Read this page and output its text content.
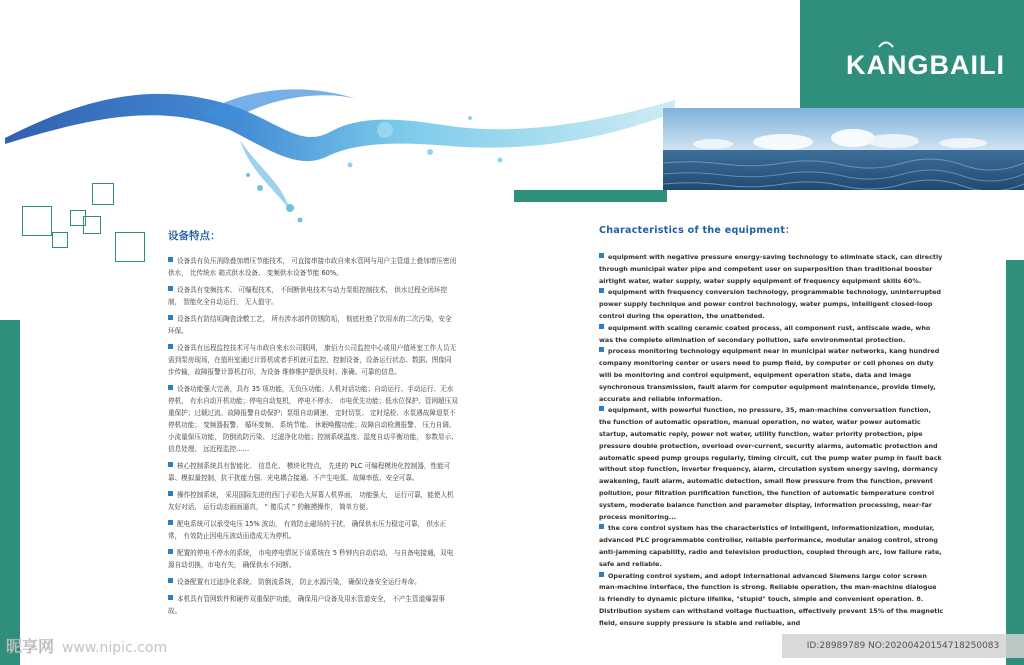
KANGBAILI
设备特点：

设备具有负压消除叠加增压节能技术， 可直接串接市政自来水管网与用户主管道上叠加增压密闭供水， 比传统水 箱式供水设备、 变频供水设备节能 60%。

设备具有变频技术、 可编程技术， 不间断供电技术与动力泵组控制技术， 供水过程全闭环控制， 智能化全自动运行， 无人值守。

设备具有防结垢陶瓷涂敷工艺， 所有涉水部件防锈防垢， 彻底杜绝了饮用水的二次污染，安全环保。

设备具有远程监控技术可与市政自来水公司联网， 康佰力公司监控中心或用户值班室工作人员无需到泵房现场，在值班室通过计算机或者手机就可监控、控制设备，设备运行状态、数据、图像同步传输，故障报警计算机打印，为设备 维修维护提供及时、准确、可靠的信息。

设备功能强大完善，具有 35 项功能，无负压功能、人机对话功能；自动运行、手动运行、无水停机， 有水自动开机功能；停电自动复机， 停电不停水、 市电优先功能；低水位保护、管网超压双重保护；过载过流、故障报警自动保护；泵组自动调速、 定时切泵、 定时巡检、水泵遇故障退泵不停机功能； 变频器报警、 循环变频、 系统节能、 休眠唤醒功能；故障自动检测报警、 压力自调、 小流量保压功能， 防倒流防污染、 过滤净化功能；控制系统温度、湿度自动平衡功能， 参数显示、 信息处理、 远近程监控……

核心控制系统具有智能化、 信息化、 模块化特点， 先进的 PLC 可编程模块化控制器，性能可靠、模拟量控制，抗干扰能力强、光电耦合接通、不产生电弧、故障率低、安全可靠。

操作控制系统， 采用国际先进的西门子彩色大屏幕人机界面， 功能强大， 运行可靠，能使人机友好对话， 运行动态画面逼真， “ 傻瓜式 ” 的触摸操作， 简单方便。

配电系统可以承受电压 15% 波动， 有效防止磁场的干扰， 确保供水压力稳定可靠， 供水正常， 有效防止因电压波动而造成无为停机。

配置的停电不停水的系统， 市电停电情况下该系统在 5 秒钟内自动启动， 与自备电接通，双电源自动切换，市电有失， 确保供水不间断。

设备配置有过滤净化系统、 防倒流系统， 防止水源污染， 确保设备安全运行寿命。

本机具有管网软件和硬件双重保护功能， 确保用户设备及用水管道安全， 不产生管道爆裂事故。

Characteristics of the equipment：

equipment with negative pressure energy-saving technology to eliminate stack, can directly through municipal water pipe and competent user on superposition than traditional booster airtight water, water supply, water supply equipment of frequency equipment skills 60%.

equipment with frequency conversion technology, programmable technology, uninterrupted power supply technique and power control technology, water pumps, intelligent closed-loop control during the operation, the unattended.

equipment with scaling ceramic coated process, all component rust, antiscale wade, who was the complete elimination of secondary pollution, safe environmental protection.

process monitoring technology equipment near in municipal water networks, kang hundred company monitoring center or users need to pump field, by computer or cell phones on duty will be monitoring and control equipment, equipment operation state, data and image synchronous transmission, fault alarm for computer equipment maintenance, provide timely, accurate and reliable information.

equipment, with powerful function, no pressure, 35, man-machine conversation function, the function of automatic operation, manual operation, no water, water power automatic startup, automatic reply, power not water, utility function, water priority protection, pipe pressure double protection, overload over-current, security alarms, automatic protection and automatic speed pump groups regularly, timing circuit, cut the pump water pump in fault back without stop function, inverter frequency, alarm, circulation system energy saving, dormancy awakening, fault alarm, automatic detection, small flow pressure from the function, prevent pollution, pour filtration purification function, the function of automatic temperature control system, moderate balance function and parameter display, information processing, near-far process monitoring...

the core control system has the characteristics of intelligent, informationization, modular, advanced PLC programmable controller, reliable performance, modular analog control, strong anti-jamming capability, radio and television production, coupled through arc, low failure rate, safe and reliable.

Operating control system, and adopt international advanced Siemens large color screen man-machine interface, the function is strong. Reliable operation, the man-machine dialogue is friendly to dynamic picture lifelike, "stupid" touch, simple and convenient operation. 8. Distribution system can withstand voltage fluctuation, effectively prevent 15% of the magnetic field, ensure supply pressure is stable and reliable, and

昵享网 www.nipic.com	ID:28989789 NO:20200420154718250083
